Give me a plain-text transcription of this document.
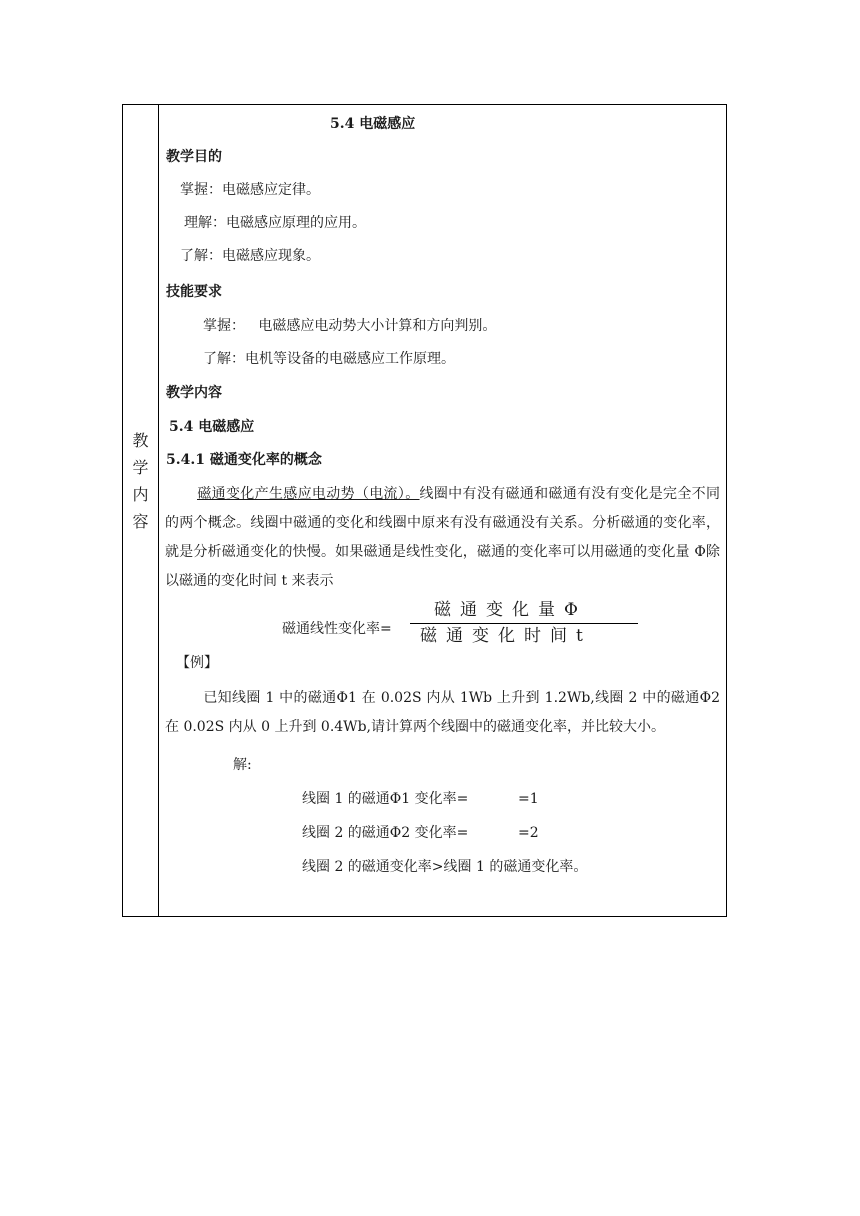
教
学
内
容
5.4 电磁感应
教学目的
掌握：电磁感应定律。
理解：电磁感应原理的应用。
了解：电磁感应现象。
技能要求
掌握：   电磁感应电动势大小计算和方向判别。
了解：电机等设备的电磁感应工作原理。
教学内容
5.4 电磁感应
5.4.1 磁通变化率的概念
磁通变化产生感应电动势（电流）。线圈中有没有磁通和磁通有没有变化是完全不同的两个概念。线圈中磁通的变化和线圈中原来有没有磁通没有关系。分析磁通的变化率，就是分析磁通变化的快慢。如果磁通是线性变化，磁通的变化率可以用磁通的变化量 Φ除以磁通的变化时间 t 来表示
磁通线性变化率=
磁通变化量Φ
磁通变化时间t
【例】
已知线圈 1 中的磁通Φ1 在 0.02S 内从 1Wb 上升到 1.2Wb,线圈 2 中的磁通Φ2 在 0.02S 内从 0 上升到 0.4Wb,请计算两个线圈中的磁通变化率，并比较大小。
解:
线圈 1 的磁通Φ1 变化率=	=1
线圈 2 的磁通Φ2 变化率=	=2
线圈 2 的磁通变化率>线圈 1 的磁通变化率。
